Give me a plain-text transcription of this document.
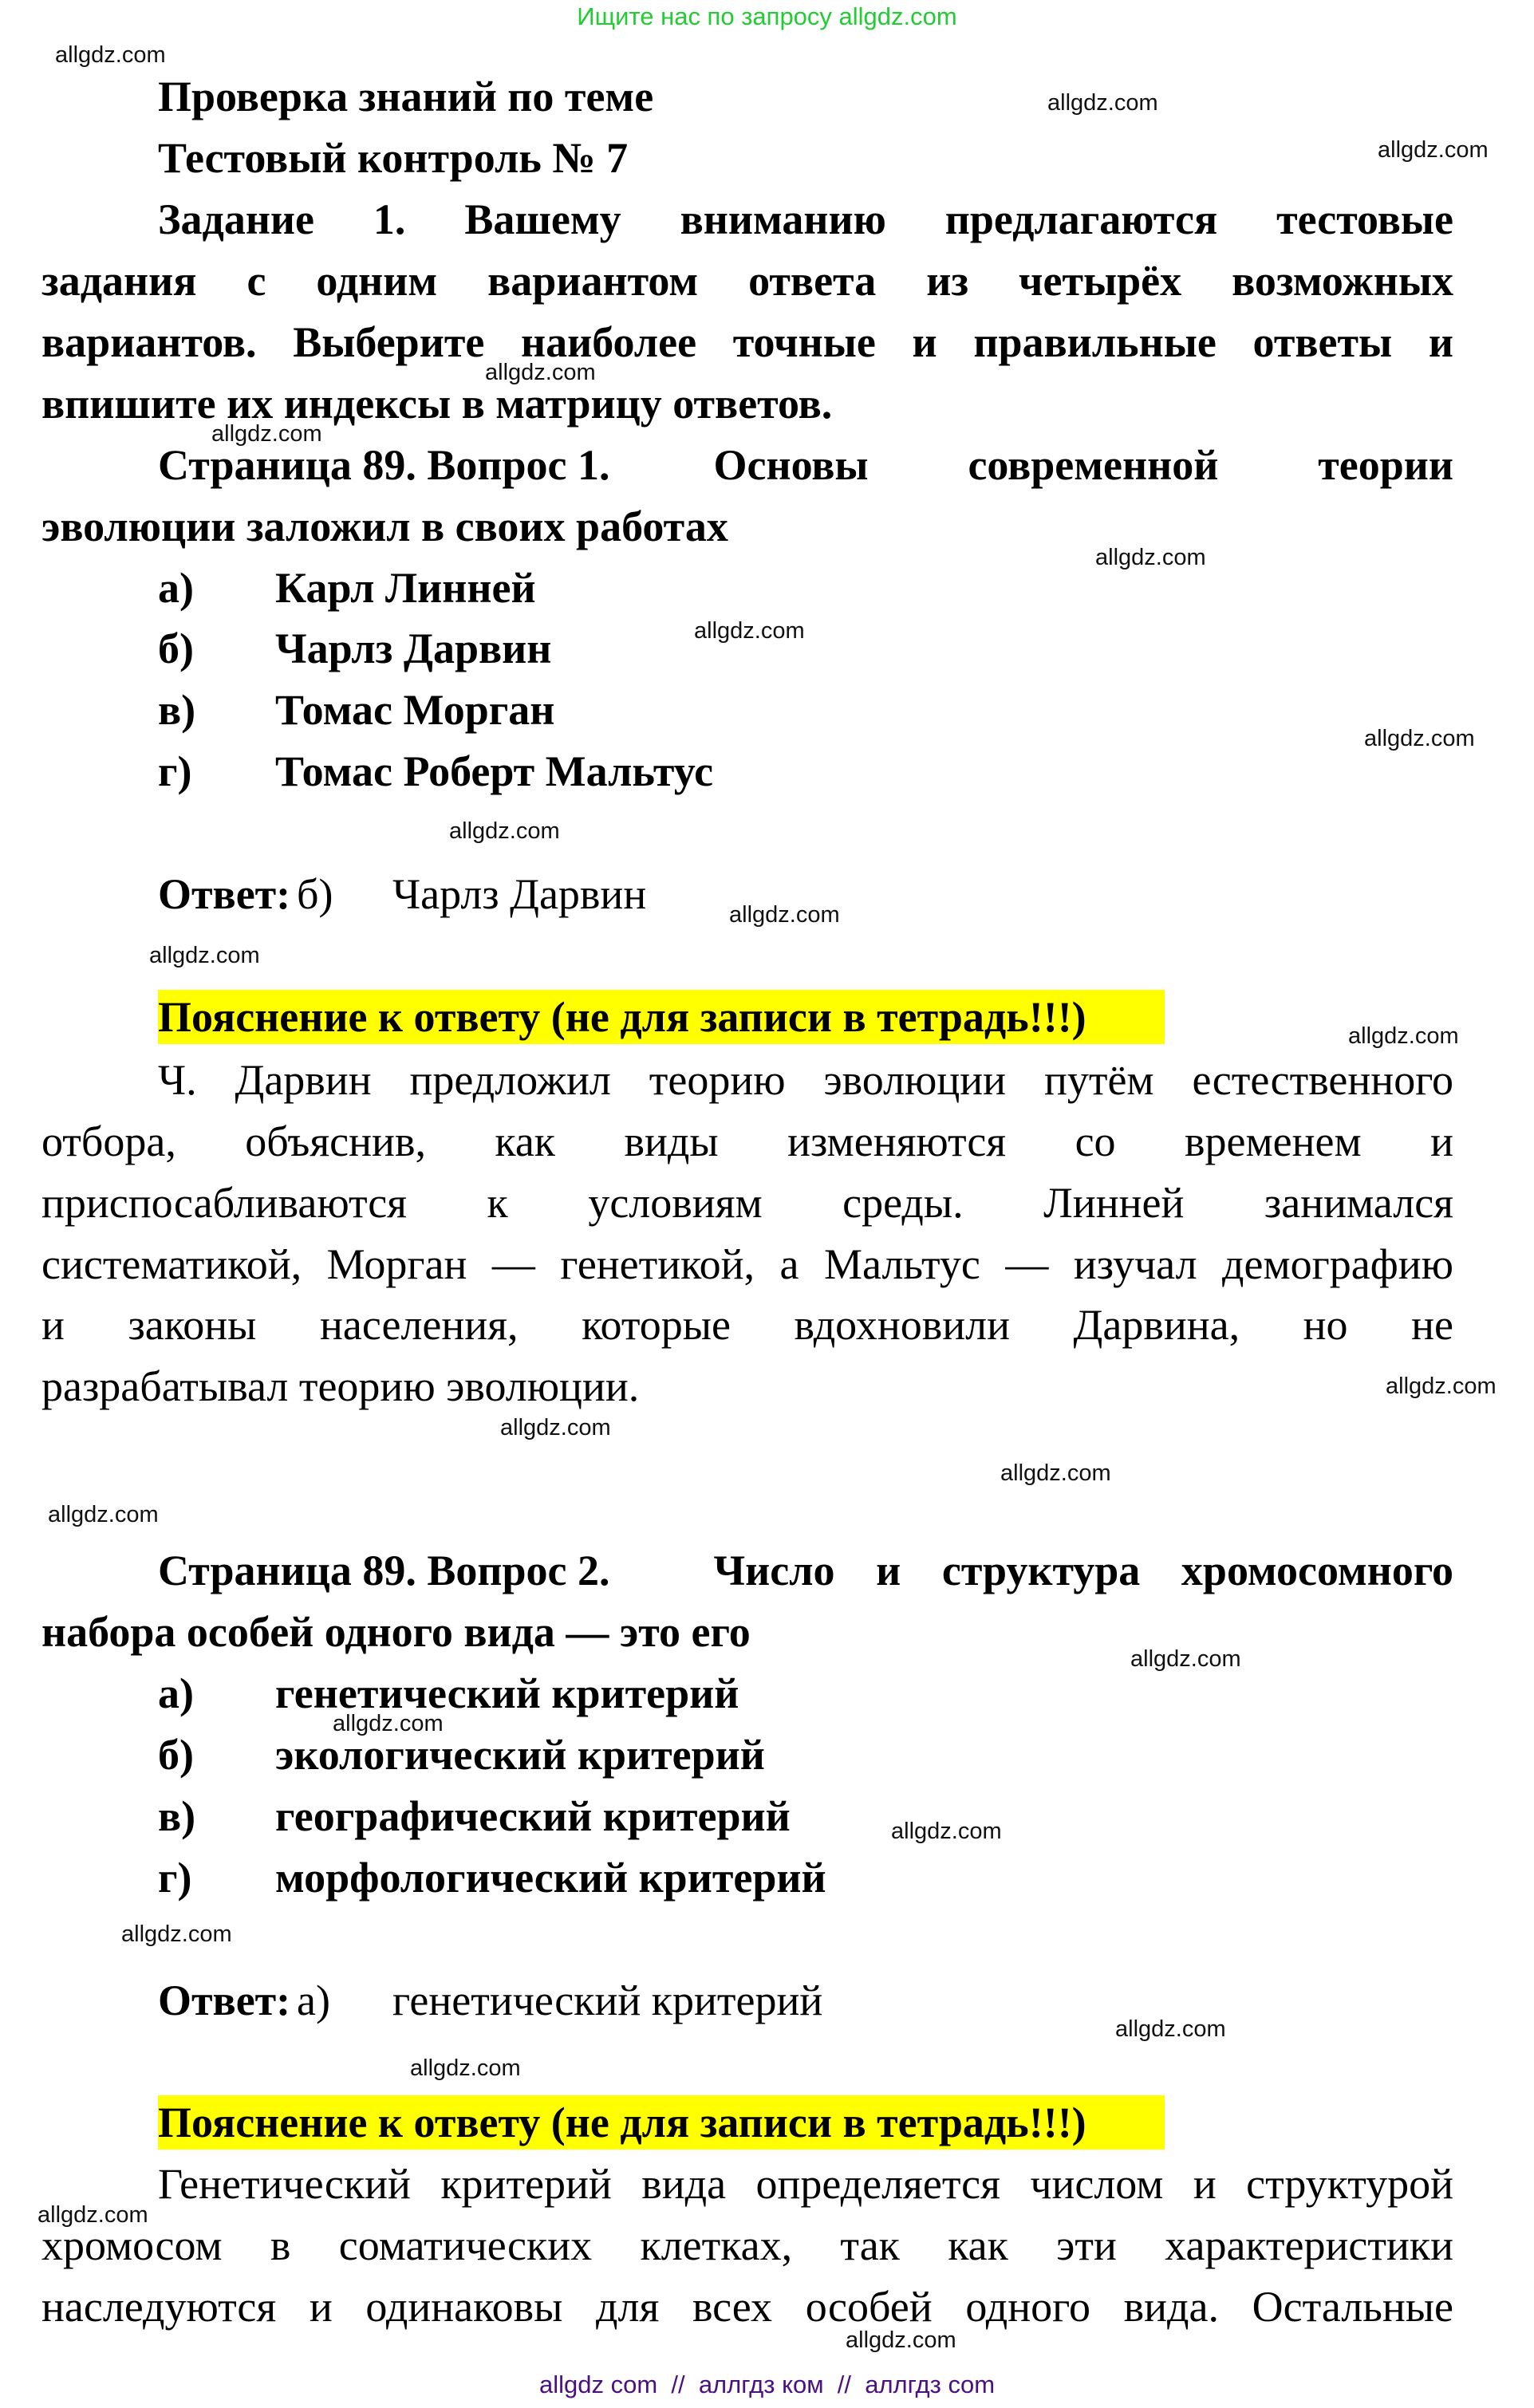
Ищите нас по запросу allgdz.com
Проверка знаний по теме
Тестовый контроль № 7
Задание 1. Вашему вниманию предлагаются тестовые
задания с одним вариантом ответа из четырёх возможных
вариантов. Выберите наиболее точные и правильные ответы и
впишите их индексы в матрицу ответов.
Страница 89. Вопрос 1. Основы современной теории
эволюции заложил в своих работах
а) Карл Линней
б) Чарлз Дарвин
в) Томас Морган
г) Томас Роберт Мальтус
Ответ: б) Чарлз Дарвин
Пояснение к ответу (не для записи в тетрадь!!!)
Ч. Дарвин предложил теорию эволюции путём естественного
отбора, объяснив, как виды изменяются со временем и
приспосабливаются к условиям среды. Линней занимался
систематикой, Морган — генетикой, а Мальтус — изучал демографию
и законы населения, которые вдохновили Дарвина, но не
разрабатывал теорию эволюции.
Страница 89. Вопрос 2. Число и структура хромосомного
набора особей одного вида — это его
а) генетический критерий
б) экологический критерий
в) географический критерий
г) морфологический критерий
Ответ: а) генетический критерий
Пояснение к ответу (не для записи в тетрадь!!!)
Генетический критерий вида определяется числом и структурой
хромосом в соматических клетках, так как эти характеристики
наследуются и одинаковы для всех особей одного вида. Остальные
allgdz.com
allgdz.com
allgdz.com
allgdz.com
allgdz.com
allgdz.com
allgdz.com
allgdz.com
allgdz.com
allgdz.com
allgdz.com
allgdz.com
allgdz.com
allgdz.com
allgdz.com
allgdz.com
allgdz.com
allgdz.com
allgdz.com
allgdz.com
allgdz.com
allgdz.com
allgdz.com
allgdz.com
allgdz com  //  аллгдз ком  //  аллгдз com
